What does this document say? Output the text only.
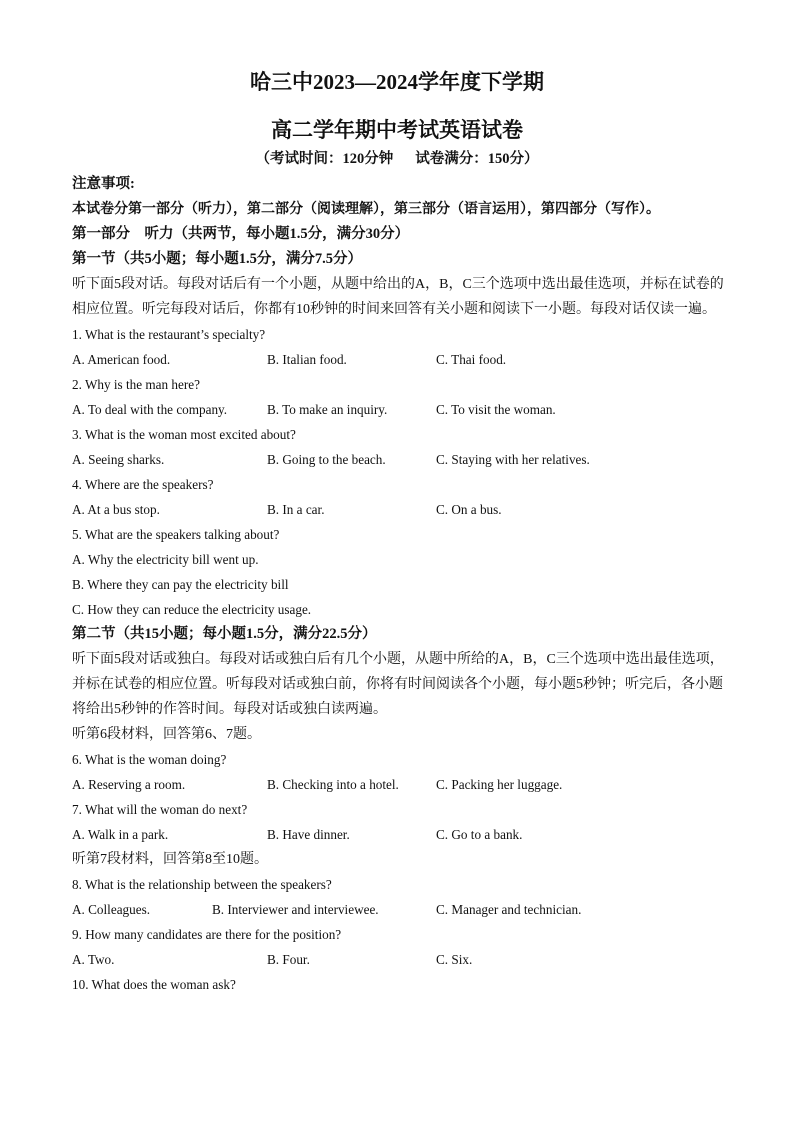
哈三中2023—2024学年度下学期
高二学年期中考试英语试卷
（考试时间：120分钟 试卷满分：150分）
注意事项:
本试卷分第一部分（听力），第二部分（阅读理解），第三部分（语言运用），第四部分（写作）。
第一部分　听力（共两节，每小题1.5分，满分30分）
第一节（共5小题；每小题1.5分，满分7.5分）
听下面5段对话。每段对话后有一个小题，从题中给出的A，B，C三个选项中选出最佳选项，并标在试卷的相应位置。听完每段对话后，你都有10秒钟的时间来回答有关小题和阅读下一小题。每段对话仅读一遍。
1. What is the restaurant’s specialty?
A. American food.	B. Italian food.	C. Thai food.
2. Why is the man here?
A. To deal with the company.	B. To make an inquiry.	C. To visit the woman.
3. What is the woman most excited about?
A. Seeing sharks.	B. Going to the beach.	C. Staying with her relatives.
4. Where are the speakers?
A. At a bus stop.	B. In a car.	C. On a bus.
5. What are the speakers talking about?
A. Why the electricity bill went up.
B. Where they can pay the electricity bill
C. How they can reduce the electricity usage.
第二节（共15小题；每小题1.5分，满分22.5分）
听下面5段对话或独白。每段对话或独白后有几个小题，从题中所给的A，B，C三个选项中选出最佳选项，并标在试卷的相应位置。听每段对话或独白前，你将有时间阅读各个小题，每小题5秒钟；听完后，各小题将给出5秒钟的作答时间。每段对话或独白读两遍。
听第6段材料，回答第6、7题。
6. What is the woman doing?
A. Reserving a room.	B. Checking into a hotel.	C. Packing her luggage.
7. What will the woman do next?
A. Walk in a park.	B. Have dinner.	C. Go to a bank.
听第7段材料，回答第8至10题。
8. What is the relationship between the speakers?
A. Colleagues.	B. Interviewer and interviewee.	C. Manager and technician.
9. How many candidates are there for the position?
A. Two.	B. Four.	C. Six.
10. What does the woman ask?
